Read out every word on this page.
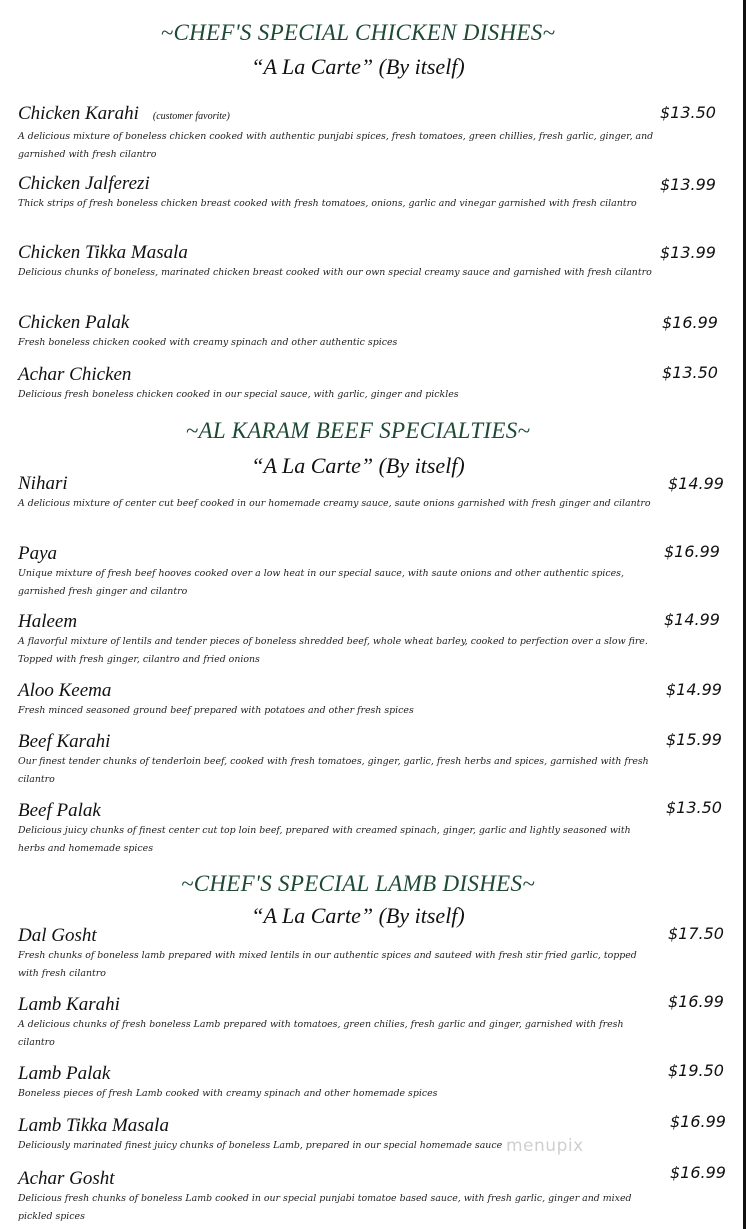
~CHEF'S SPECIAL CHICKEN DISHES~
“A La Carte” (By itself)
Chicken Karahi (customer favorite)
A delicious mixture of boneless chicken cooked with authentic punjabi spices, fresh tomatoes, green chillies, fresh garlic, ginger, and garnished with fresh cilantro
$13.50
Chicken Jalferezi
Thick strips of fresh boneless chicken breast cooked with fresh tomatoes, onions, garlic and vinegar garnished with fresh cilantro
$13.99
Chicken Tikka Masala
Delicious chunks of boneless, marinated chicken breast cooked with our own special creamy sauce and garnished with fresh cilantro
$13.99
Chicken Palak
Fresh boneless chicken cooked with creamy spinach and other authentic spices
$16.99
Achar Chicken
Delicious fresh boneless chicken cooked in our special sauce, with garlic, ginger and pickles
$13.50
~AL KARAM BEEF SPECIALTIES~
“A La Carte” (By itself)
Nihari
A delicious mixture of center cut beef cooked in our homemade creamy sauce, saute onions garnished with fresh ginger and cilantro
$14.99
Paya
Unique mixture of fresh beef hooves cooked over a low heat in our special sauce, with saute onions and other authentic spices, garnished fresh ginger and cilantro
$16.99
Haleem
A flavorful mixture of lentils and tender pieces of boneless shredded beef, whole wheat barley, cooked to perfection over a slow fire. Topped with fresh ginger, cilantro and fried onions
$14.99
Aloo Keema
Fresh minced seasoned ground beef prepared with potatoes and other fresh spices
$14.99
Beef Karahi
Our finest tender chunks of tenderloin beef, cooked with fresh tomatoes, ginger, garlic, fresh herbs and spices, garnished with fresh cilantro
$15.99
Beef Palak
Delicious juicy chunks of finest center cut top loin beef, prepared with creamed spinach, ginger, garlic and lightly seasoned with herbs and homemade spices
$13.50
~CHEF'S SPECIAL LAMB DISHES~
“A La Carte” (By itself)
Dal Gosht
Fresh chunks of boneless lamb prepared with mixed lentils in our authentic spices and sauteed with fresh stir fried garlic, topped with fresh cilantro
$17.50
Lamb Karahi
A delicious chunks of fresh boneless Lamb prepared with tomatoes, green chilies, fresh garlic and ginger, garnished with fresh cilantro
$16.99
Lamb Palak
Boneless pieces of fresh Lamb cooked with creamy spinach and other homemade spices
$19.50
Lamb Tikka Masala
Deliciously marinated finest juicy chunks of boneless Lamb, prepared in our special homemade sauce
$16.99
Achar Gosht
Delicious fresh chunks of boneless Lamb cooked in our special punjabi tomatoe based sauce, with fresh garlic, ginger and mixed pickled spices
$16.99
menupix
